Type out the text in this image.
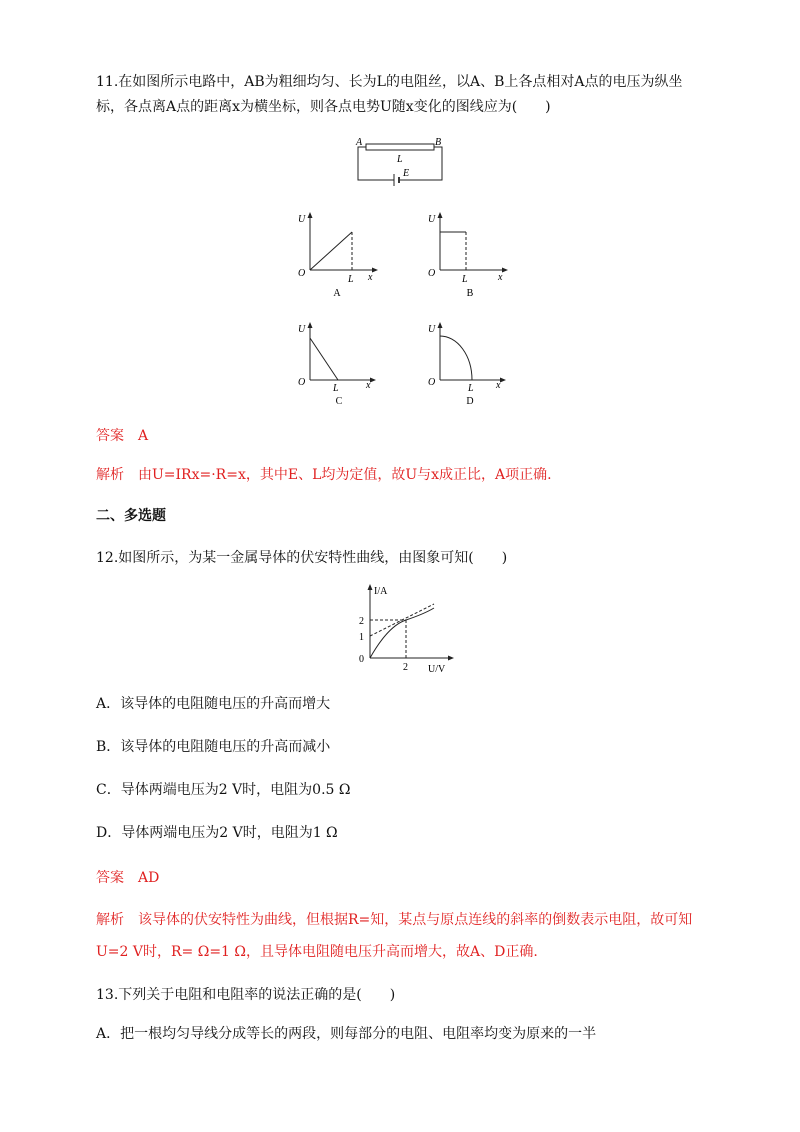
11.在如图所示电路中，AB为粗细均匀、长为L的电阻丝，以A、B上各点相对A点的电压为纵坐
标，各点离A点的距离x为横坐标，则各点电势U随x变化的图线应为(　　)
A	B
L
E
U
O
L x
A
U
O
L	x
B
U
O
L	x
C
U
O
L x
D
答案 A
解析 由U=IRx=·R=x，其中E、L均为定值，故U与x成正比，A项正确.
二、多选题
12.如图所示，为某一金属导体的伏安特性曲线，由图象可知(　　)
I/A
2
1
0
2 U/V
A．该导体的电阻随电压的升高而增大
B．该导体的电阻随电压的升高而减小
C．导体两端电压为2 V时，电阻为0.5 Ω
D．导体两端电压为2 V时，电阻为1 Ω
答案 AD
解析 该导体的伏安特性为曲线，但根据R=知，某点与原点连线的斜率的倒数表示电阻，故可知
U=2 V时，R= Ω=1 Ω，且导体电阻随电压升高而增大，故A、D正确.
13.下列关于电阻和电阻率的说法正确的是(　　)
A．把一根均匀导线分成等长的两段，则每部分的电阻、电阻率均变为原来的一半
